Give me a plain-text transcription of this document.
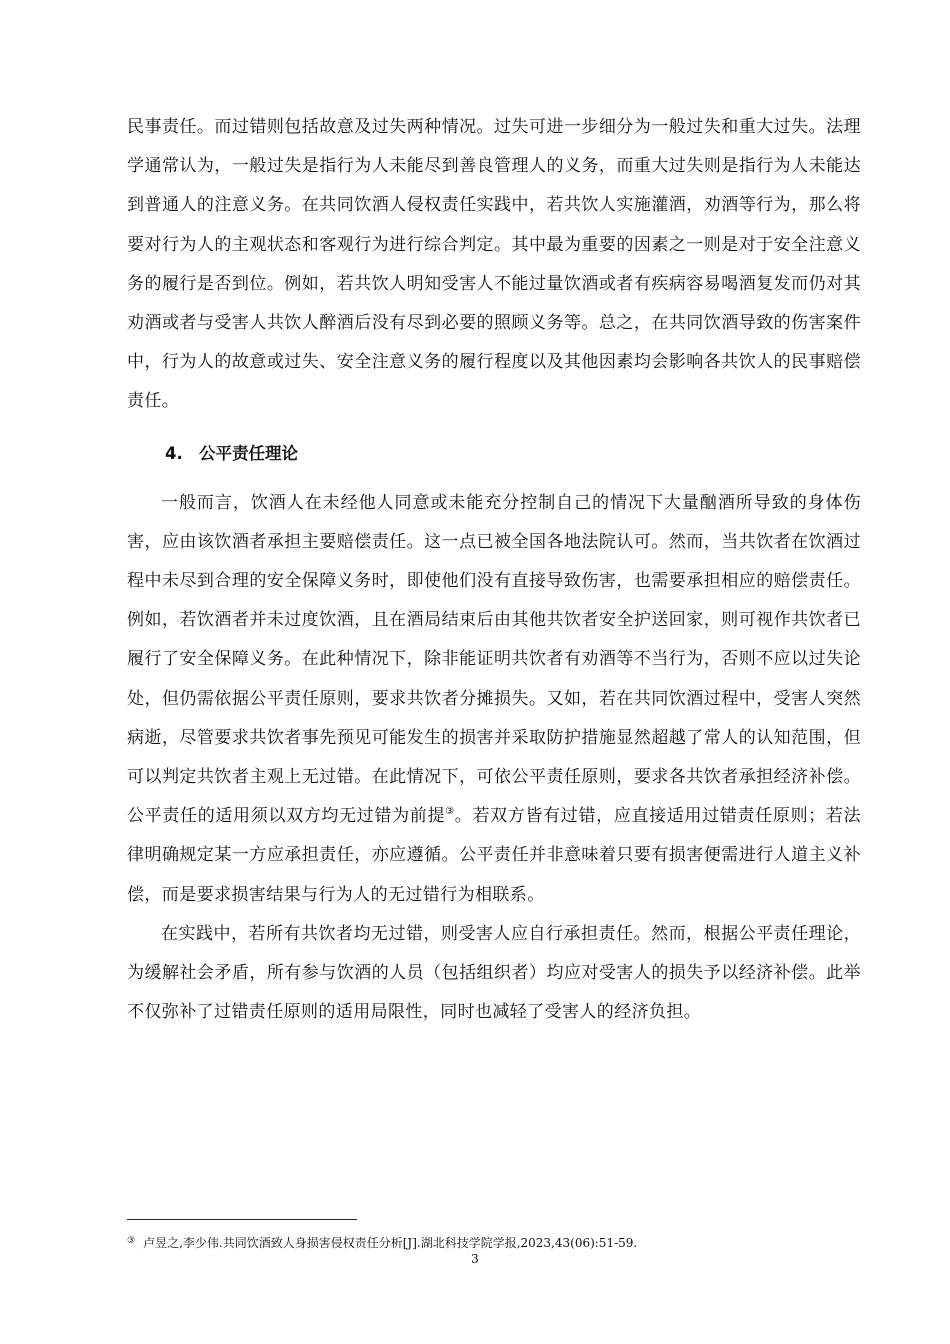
民事责任。而过错则包括故意及过失两种情况。过失可进一步细分为一般过失和重大过失。法理学通常认为，一般过失是指行为人未能尽到善良管理人的义务，而重大过失则是指行为人未能达到普通人的注意义务。在共同饮酒人侵权责任实践中，若共饮人实施灌酒，劝酒等行为，那么将要对行为人的主观状态和客观行为进行综合判定。其中最为重要的因素之一则是对于安全注意义务的履行是否到位。例如，若共饮人明知受害人不能过量饮酒或者有疾病容易喝酒复发而仍对其劝酒或者与受害人共饮人醉酒后没有尽到必要的照顾义务等。总之，在共同饮酒导致的伤害案件中，行为人的故意或过失、安全注意义务的履行程度以及其他因素均会影响各共饮人的民事赔偿责任。

4. 公平责任理论

一般而言，饮酒人在未经他人同意或未能充分控制自己的情况下大量酗酒所导致的身体伤害，应由该饮酒者承担主要赔偿责任。这一点已被全国各地法院认可。然而，当共饮者在饮酒过程中未尽到合理的安全保障义务时，即使他们没有直接导致伤害，也需要承担相应的赔偿责任。例如，若饮酒者并未过度饮酒，且在酒局结束后由其他共饮者安全护送回家，则可视作共饮者已履行了安全保障义务。在此种情况下，除非能证明共饮者有劝酒等不当行为，否则不应以过失论处，但仍需依据公平责任原则，要求共饮者分摊损失。又如，若在共同饮酒过程中，受害人突然病逝，尽管要求共饮者事先预见可能发生的损害并采取防护措施显然超越了常人的认知范围，但可以判定共饮者主观上无过错。在此情况下，可依公平责任原则，要求各共饮者承担经济补偿。公平责任的适用须以双方均无过错为前提③。若双方皆有过错，应直接适用过错责任原则；若法律明确规定某一方应承担责任，亦应遵循。公平责任并非意味着只要有损害便需进行人道主义补偿，而是要求损害结果与行为人的无过错行为相联系。

在实践中，若所有共饮者均无过错，则受害人应自行承担责任。然而，根据公平责任理论，为缓解社会矛盾，所有参与饮酒的人员（包括组织者）均应对受害人的损失予以经济补偿。此举不仅弥补了过错责任原则的适用局限性，同时也减轻了受害人的经济负担。

③ 卢昱之,李少伟.共同饮酒致人身损害侵权责任分析[J].湖北科技学院学报,2023,43(06):51-59.
3
